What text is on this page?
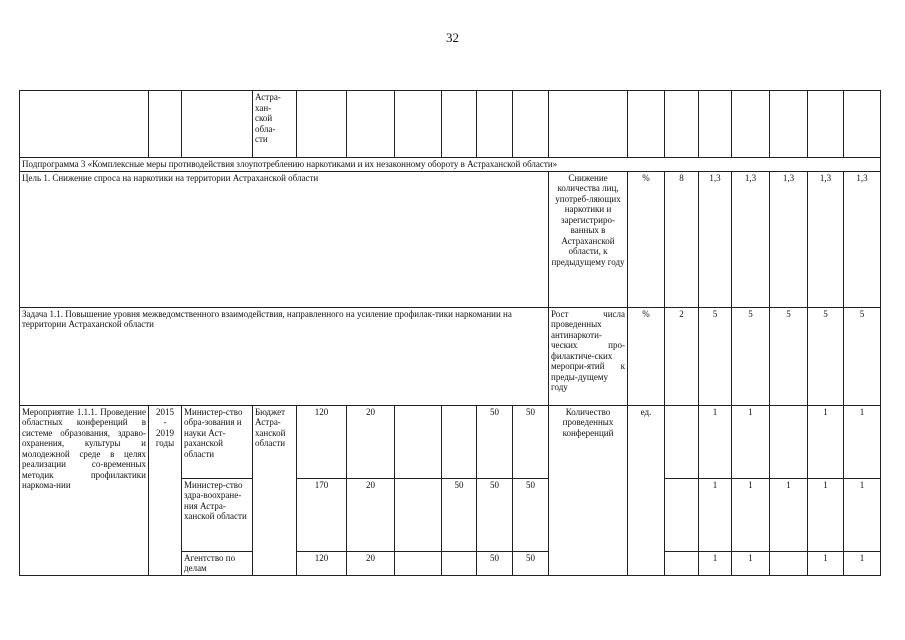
32
			Астра-
хан-
ской
обла-
сти														
Подпрограмма 3 «Комплексные меры противодействия злоупотреблению наркотиками и их незаконному обороту в Астраханской области»																	
Цель 1. Снижение спроса на наркотики на территории Астраханской области										Снижение количества лиц, употреб-ляющих наркотики и зарегистриро-ванных в Астраханской области, к предыдущему году	%	8	1,3	1,3	1,3	1,3	1,3
Задача 1.1. Повышение уровня межведомственного взаимодействия, направленного на усиление профилак-тики наркомании на территории Астраханской области										Рост числа проведенных антинаркоти-ческих про-филактиче-ских меропри-ятий к преды-дущему году	%	2	5	5	5	5	5
Мероприятие 1.1.1. Проведение областных конференций в системе образования, здраво-охранения, культуры и молодежной среде в целях реализации со-временных методик профилактики наркома-нии	2015
-
2019
годы	Министер-ство обра-зования и науки Аст-раханской области	Бюджет Астра-ханской области	120	20			50	50	Количество проведенных конференций	ед.		1	1		1	1
		Министер-ство здра-воохране-ния Астра-ханской области		170	20		50	50	50				1	1	1	1	1
		Агентство по делам		120	20			50	50				1	1		1	1
